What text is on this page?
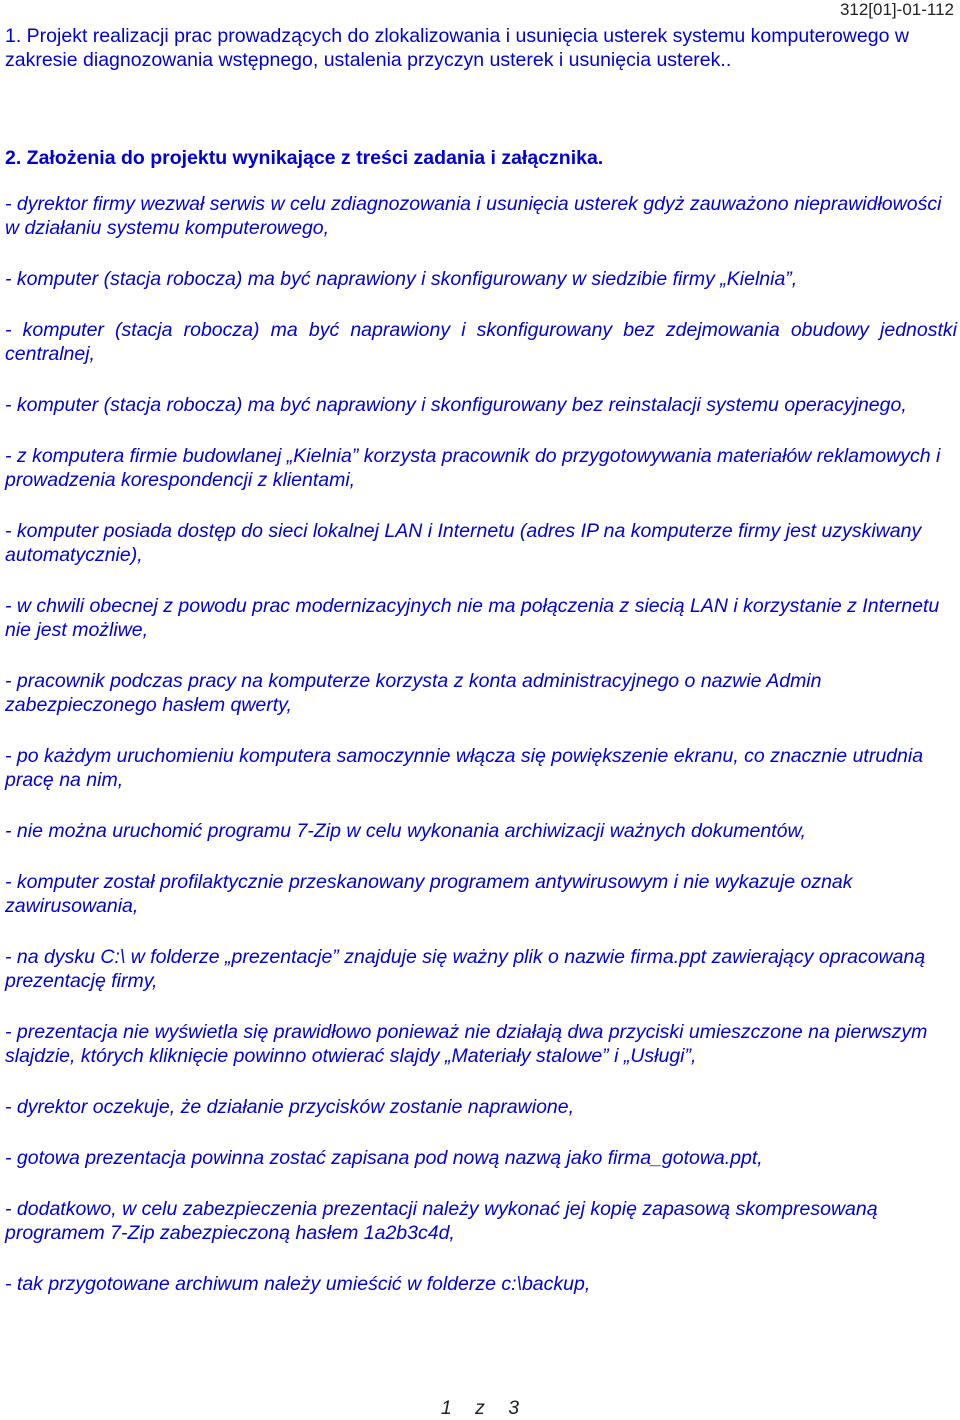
312[01]-01-112
1. Projekt realizacji prac prowadzących do zlokalizowania i usunięcia usterek systemu komputerowego w zakresie diagnozowania wstępnego, ustalenia przyczyn usterek i usunięcia usterek..
2. Założenia do projektu wynikające z treści zadania i załącznika.

- dyrektor firmy wezwał serwis w celu zdiagnozowania i usunięcia usterek gdyż zauważono nieprawidłowości w działaniu systemu komputerowego,

- komputer (stacja robocza) ma być naprawiony i skonfigurowany w siedzibie firmy „Kielnia”,

- komputer (stacja robocza) ma być naprawiony i skonfigurowany bez zdejmowania obudowy jednostki centralnej,

- komputer (stacja robocza) ma być naprawiony i skonfigurowany bez reinstalacji systemu operacyjnego,

- z komputera firmie budowlanej „Kielnia” korzysta pracownik do przygotowywania materiałów reklamowych i prowadzenia korespondencji z klientami,

- komputer posiada dostęp do sieci lokalnej LAN i Internetu (adres IP na komputerze firmy jest uzyskiwany automatycznie),

- w chwili obecnej z powodu prac modernizacyjnych nie ma połączenia z siecią LAN i korzystanie z Internetu nie jest możliwe,

- pracownik podczas pracy na komputerze korzysta z konta administracyjnego o nazwie Admin zabezpieczonego hasłem qwerty,

- po każdym uruchomieniu komputera samoczynnie włącza się powiększenie ekranu, co znacznie utrudnia pracę na nim,

- nie można uruchomić programu 7-Zip w celu wykonania archiwizacji ważnych dokumentów,

- komputer został profilaktycznie przeskanowany programem antywirusowym i nie wykazuje oznak zawirusowania,

- na dysku C:\ w folderze „prezentacje” znajduje się ważny plik o nazwie firma.ppt zawierający opracowaną prezentację firmy,

- prezentacja nie wyświetla się prawidłowo ponieważ nie działają dwa przyciski umieszczone na pierwszym slajdzie, których kliknięcie powinno otwierać slajdy „Materiały stalowe” i „Usługi”,

- dyrektor oczekuje, że działanie przycisków zostanie naprawione,

- gotowa prezentacja powinna zostać zapisana pod nową nazwą jako firma_gotowa.ppt,

- dodatkowo, w celu zabezpieczenia prezentacji należy wykonać jej kopię zapasową skompresowaną programem 7-Zip zabezpieczoną hasłem 1a2b3c4d,

- tak przygotowane archiwum należy umieścić w folderze c:\backup,

1 z 3
